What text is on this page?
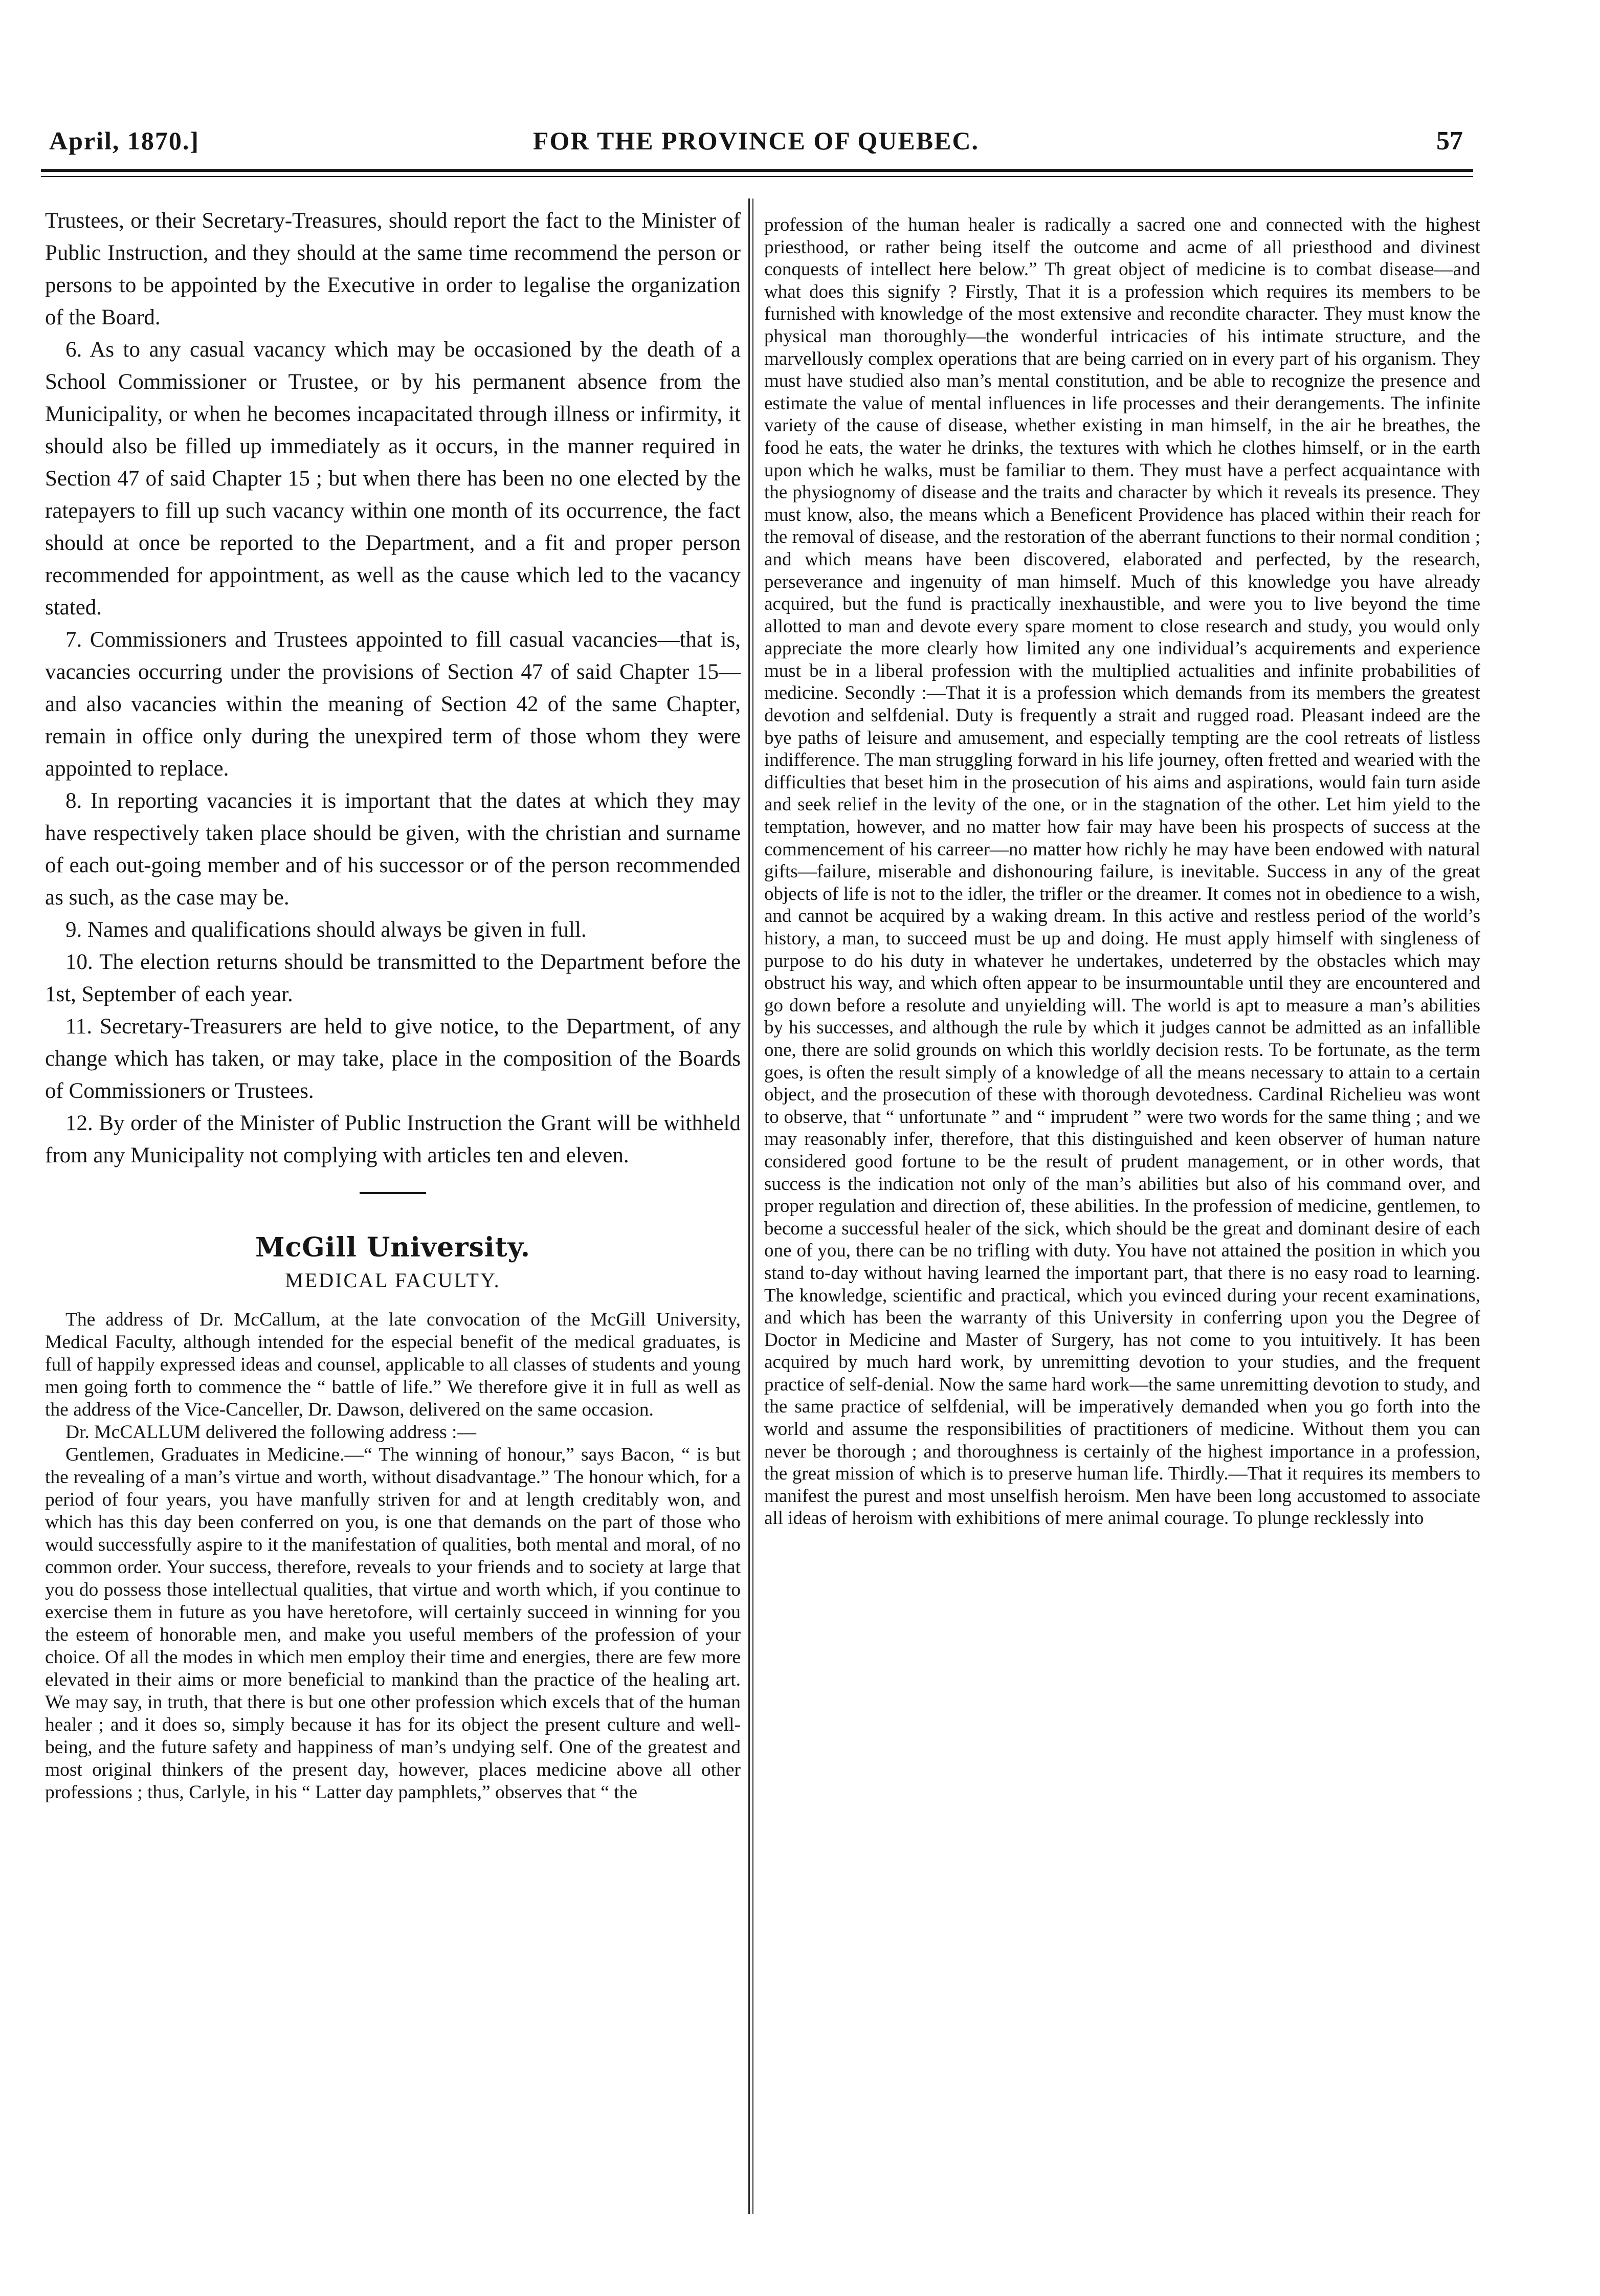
April, 1870.]	FOR THE PROVINCE OF QUEBEC.	57

Trustees, or their Secretary-Treasures, should report the fact to the Minister of Public Instruction, and they should at the same time recommend the person or persons to be appointed by the Executive in order to legalise the organization of the Board.

6. As to any casual vacancy which may be occasioned by the death of a School Commissioner or Trustee, or by his permanent absence from the Municipality, or when he becomes incapacitated through illness or infirmity, it should also be filled up immediately as it occurs, in the manner required in Section 47 of said Chapter 15 ; but when there has been no one elected by the ratepayers to fill up such vacancy within one month of its occurrence, the fact should at once be reported to the Department, and a fit and proper person recommended for appointment, as well as the cause which led to the vacancy stated.

7. Commissioners and Trustees appointed to fill casual vacancies—that is, vacancies occurring under the provisions of Section 47 of said Chapter 15—and also vacancies within the meaning of Section 42 of the same Chapter, remain in office only during the unexpired term of those whom they were appointed to replace.

8. In reporting vacancies it is important that the dates at which they may have respectively taken place should be given, with the christian and surname of each out-going member and of his successor or of the person recommended as such, as the case may be.

9. Names and qualifications should always be given in full.

10. The election returns should be transmitted to the Department before the 1st, September of each year.

11. Secretary-Treasurers are held to give notice, to the Department, of any change which has taken, or may take, place in the composition of the Boards of Commissioners or Trustees.

12. By order of the Minister of Public Instruction the Grant will be withheld from any Municipality not complying with articles ten and eleven.

McGill University.
MEDICAL FACULTY.

The address of Dr. McCallum, at the late convocation of the McGill University, Medical Faculty, although intended for the especial benefit of the medical graduates, is full of happily expressed ideas and counsel, applicable to all classes of students and young men going forth to commence the “ battle of life.” We therefore give it in full as well as the address of the Vice-Canceller, Dr. Dawson, delivered on the same occasion.

Dr. McCALLUM delivered the following address :—

Gentlemen, Graduates in Medicine.—“ The winning of honour,” says Bacon, “ is but the revealing of a man’s virtue and worth, without disadvantage.” The honour which, for a period of four years, you have manfully striven for and at length creditably won, and which has this day been conferred on you, is one that demands on the part of those who would successfully aspire to it the manifestation of qualities, both mental and moral, of no common order. Your success, therefore, reveals to your friends and to society at large that you do possess those intellectual qualities, that virtue and worth which, if you continue to exercise them in future as you have heretofore, will certainly succeed in winning for you the esteem of honorable men, and make you useful members of the profession of your choice. Of all the modes in which men employ their time and energies, there are few more elevated in their aims or more beneficial to mankind than the practice of the healing art. We may say, in truth, that there is but one other profession which excels that of the human healer ; and it does so, simply because it has for its object the present culture and well-being, and the future safety and happiness of man’s undying self. One of the greatest and most original thinkers of the present day, however, places medicine above all other professions ; thus, Carlyle, in his “ Latter day pamphlets,” observes that “ the

profession of the human healer is radically a sacred one and connected with the highest priesthood, or rather being itself the outcome and acme of all priesthood and divinest conquests of intellect here below.” Th great object of medicine is to combat disease—and what does this signify ? Firstly, That it is a profession which requires its members to be furnished with knowledge of the most extensive and recondite character. They must know the physical man thoroughly—the wonderful intricacies of his intimate structure, and the marvellously complex operations that are being carried on in every part of his organism. They must have studied also man’s mental constitution, and be able to recognize the presence and estimate the value of mental influences in life processes and their derangements. The infinite variety of the cause of disease, whether existing in man himself, in the air he breathes, the food he eats, the water he drinks, the textures with which he clothes himself, or in the earth upon which he walks, must be familiar to them. They must have a perfect acquaintance with the physiognomy of disease and the traits and character by which it reveals its presence. They must know, also, the means which a Beneficent Providence has placed within their reach for the removal of disease, and the restoration of the aberrant functions to their normal condition ; and which means have been discovered, elaborated and perfected, by the research, perseverance and ingenuity of man himself. Much of this knowledge you have already acquired, but the fund is practically inexhaustible, and were you to live beyond the time allotted to man and devote every spare moment to close research and study, you would only appreciate the more clearly how limited any one individual’s acquirements and experience must be in a liberal profession with the multiplied actualities and infinite probabilities of medicine. Secondly :—That it is a profession which demands from its members the greatest devotion and selfdenial. Duty is frequently a strait and rugged road. Pleasant indeed are the bye paths of leisure and amusement, and especially tempting are the cool retreats of listless indifference. The man struggling forward in his life journey, often fretted and wearied with the difficulties that beset him in the prosecution of his aims and aspirations, would fain turn aside and seek relief in the levity of the one, or in the stagnation of the other. Let him yield to the temptation, however, and no matter how fair may have been his prospects of success at the commencement of his carreer—no matter how richly he may have been endowed with natural gifts—failure, miserable and dishonouring failure, is inevitable. Success in any of the great objects of life is not to the idler, the trifler or the dreamer. It comes not in obedience to a wish, and cannot be acquired by a waking dream. In this active and restless period of the world’s history, a man, to succeed must be up and doing. He must apply himself with singleness of purpose to do his duty in whatever he undertakes, undeterred by the obstacles which may obstruct his way, and which often appear to be insurmountable until they are encountered and go down before a resolute and unyielding will. The world is apt to measure a man’s abilities by his successes, and although the rule by which it judges cannot be admitted as an infallible one, there are solid grounds on which this worldly decision rests. To be fortunate, as the term goes, is often the result simply of a knowledge of all the means necessary to attain to a certain object, and the prosecution of these with thorough devotedness. Cardinal Richelieu was wont to observe, that “ unfortunate ” and “ imprudent ” were two words for the same thing ; and we may reasonably infer, therefore, that this distinguished and keen observer of human nature considered good fortune to be the result of prudent management, or in other words, that success is the indication not only of the man’s abilities but also of his command over, and proper regulation and direction of, these abilities. In the profession of medicine, gentlemen, to become a successful healer of the sick, which should be the great and dominant desire of each one of you, there can be no trifling with duty. You have not attained the position in which you stand to-day without having learned the important part, that there is no easy road to learning. The knowledge, scientific and practical, which you evinced during your recent examinations, and which has been the warranty of this University in conferring upon you the Degree of Doctor in Medicine and Master of Surgery, has not come to you intuitively. It has been acquired by much hard work, by unremitting devotion to your studies, and the frequent practice of self-denial. Now the same hard work—the same unremitting devotion to study, and the same practice of selfdenial, will be imperatively demanded when you go forth into the world and assume the responsibilities of practitioners of medicine. Without them you can never be thorough ; and thoroughness is certainly of the highest importance in a profession, the great mission of which is to preserve human life. Thirdly.—That it requires its members to manifest the purest and most unselfish heroism. Men have been long accustomed to associate all ideas of heroism with exhibitions of mere animal courage. To plunge recklessly into
